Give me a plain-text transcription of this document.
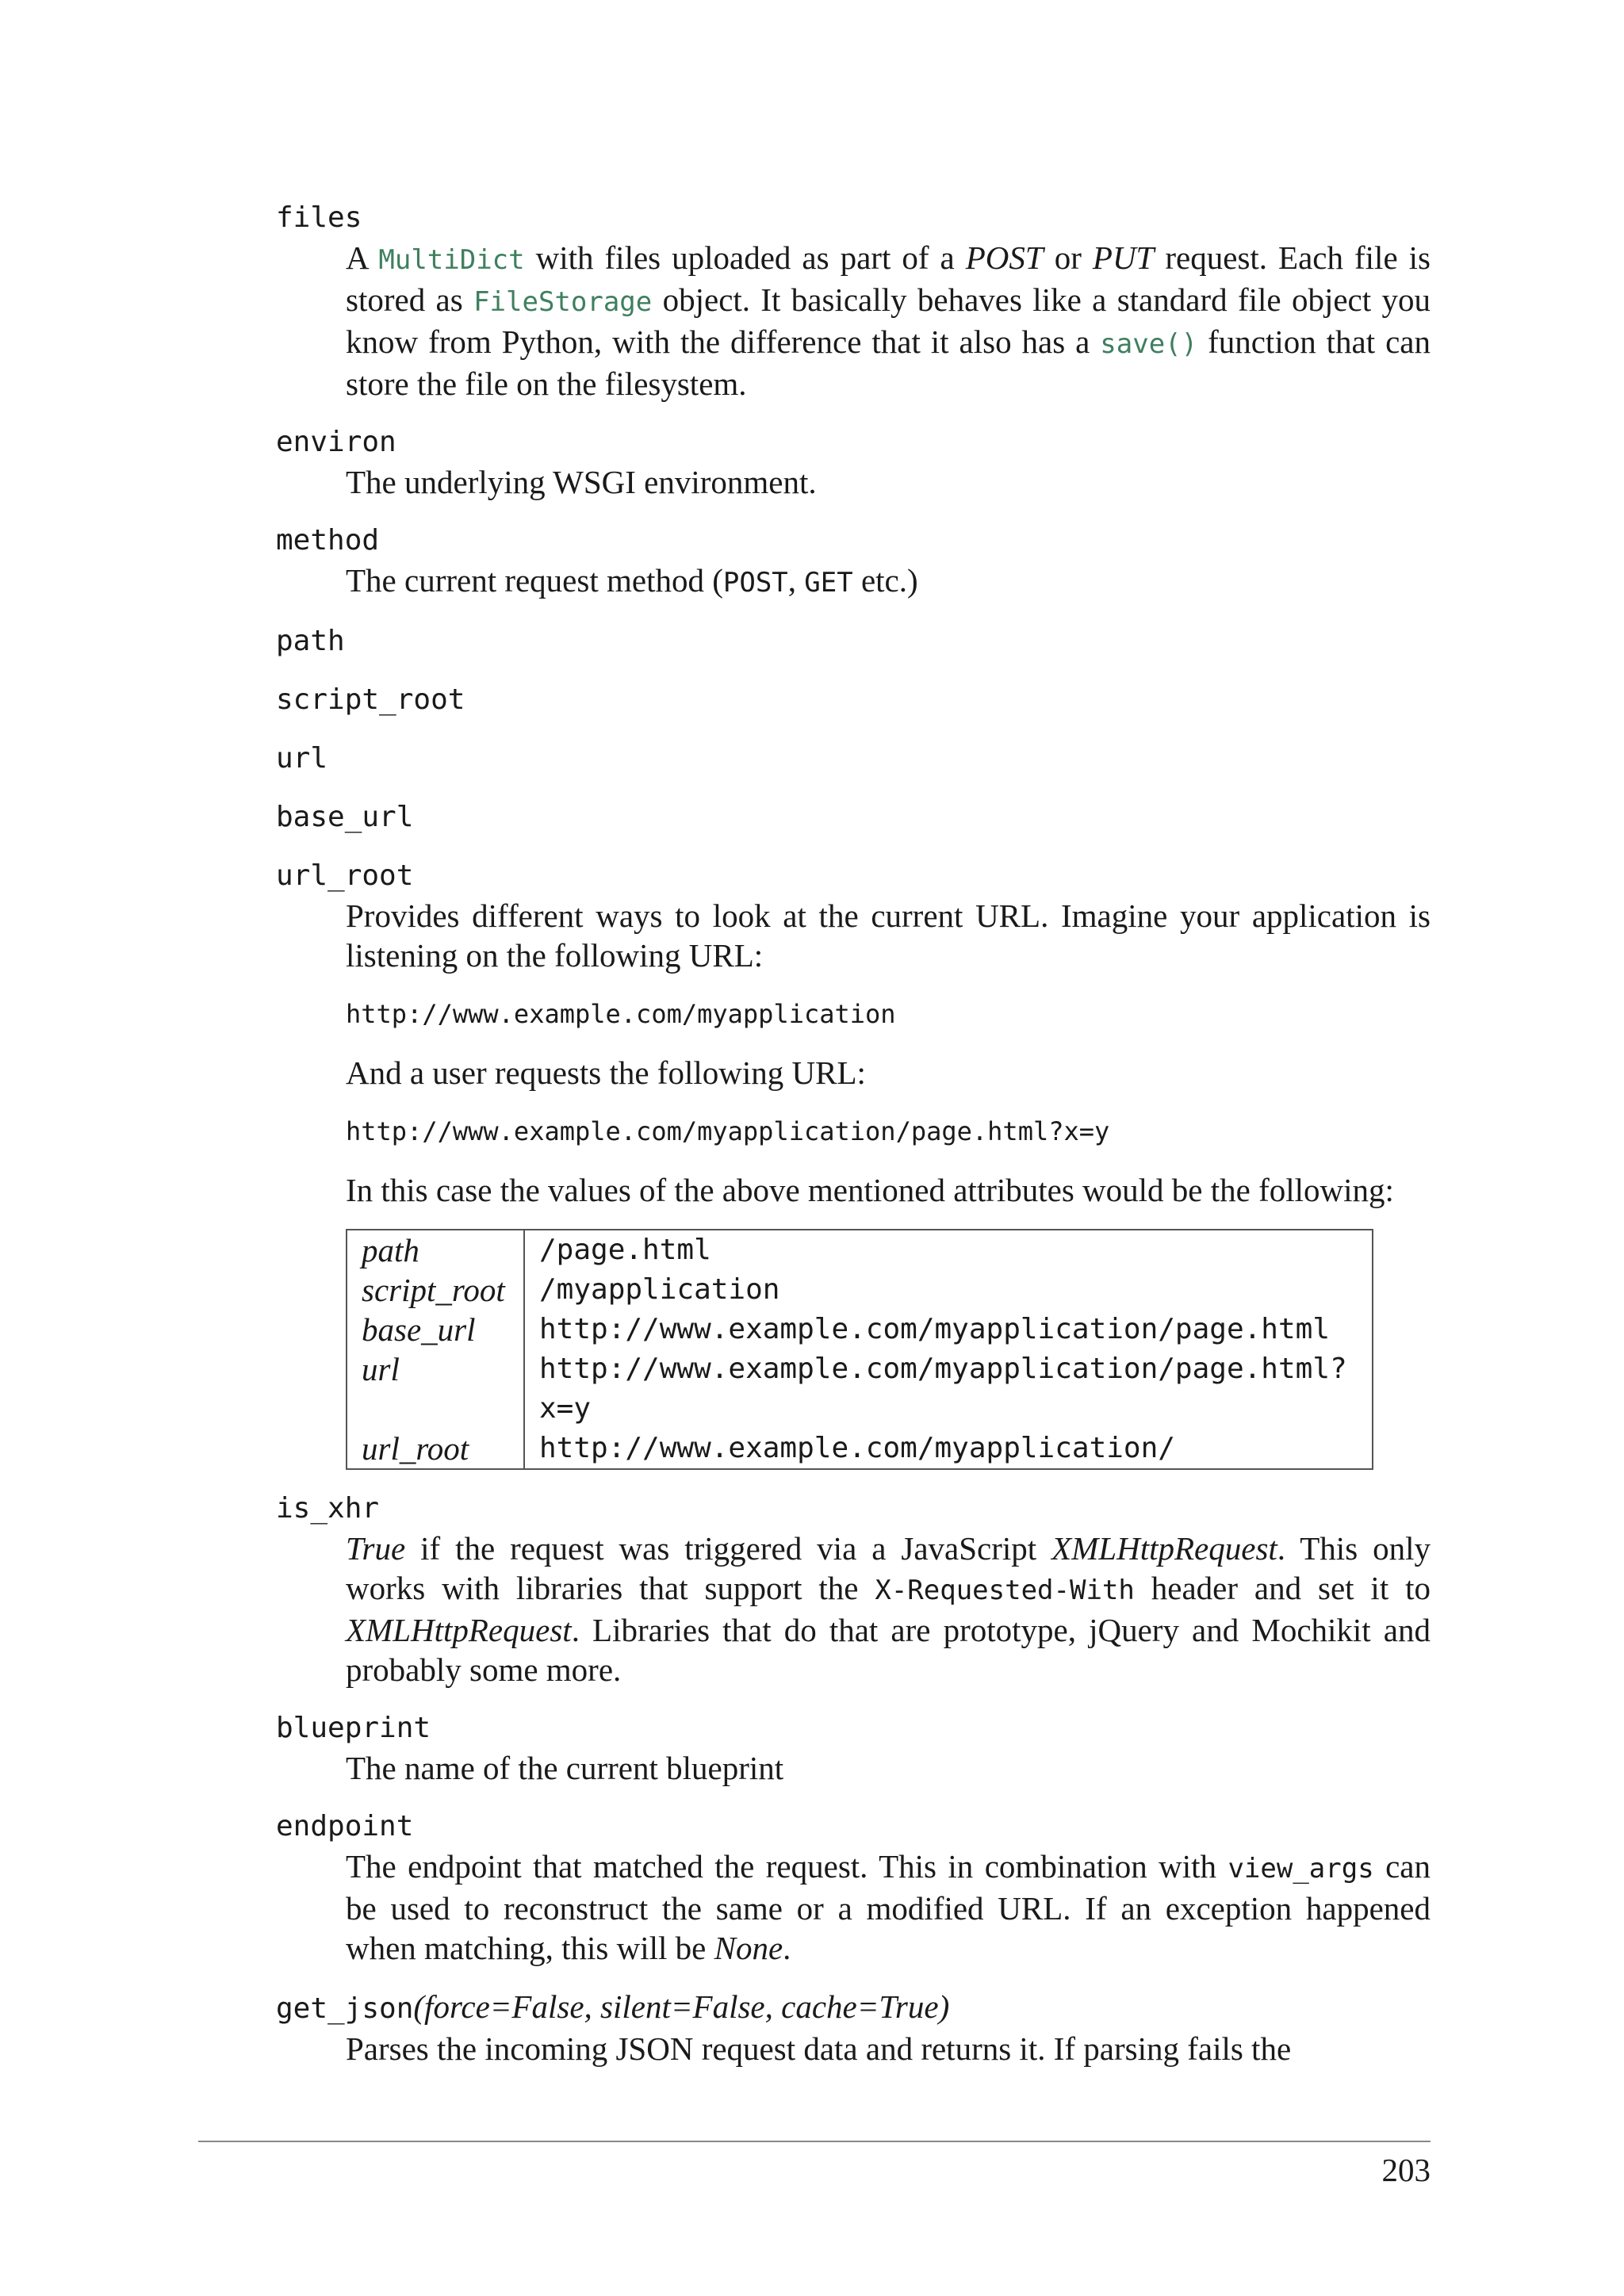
files
A MultiDict with files uploaded as part of a POST or PUT request. Each file is stored as FileStorage object. It basically behaves like a standard file object you know from Python, with the difference that it also has a save() function that can store the file on the filesystem.
environ
The underlying WSGI environment.
method
The current request method (POST, GET etc.)
path
script_root
url
base_url
url_root

Provides different ways to look at the current URL. Imagine your application is listening on the following URL:

http://www.example.com/myapplication

And a user requests the following URL:

http://www.example.com/myapplication/page.html?x=y

In this case the values of the above mentioned attributes would be the following:

path	/page.html
script_root	/myapplication
base_url	http://www.example.com/myapplication/page.html
url	http://www.example.com/myapplication/page.html?x=y
url_root	http://www.example.com/myapplication/
is_xhr
True if the request was triggered via a JavaScript XMLHttpRequest. This only works with libraries that support the X-Requested-With header and set it to XMLHttpRequest. Libraries that do that are prototype, jQuery and Mochikit and probably some more.
blueprint
The name of the current blueprint
endpoint
The endpoint that matched the request. This in combination with view_args can be used to reconstruct the same or a modified URL. If an exception happened when matching, this will be None.
get_json(force=False, silent=False, cache=True)
Parses the incoming JSON request data and returns it. If parsing fails the
203
